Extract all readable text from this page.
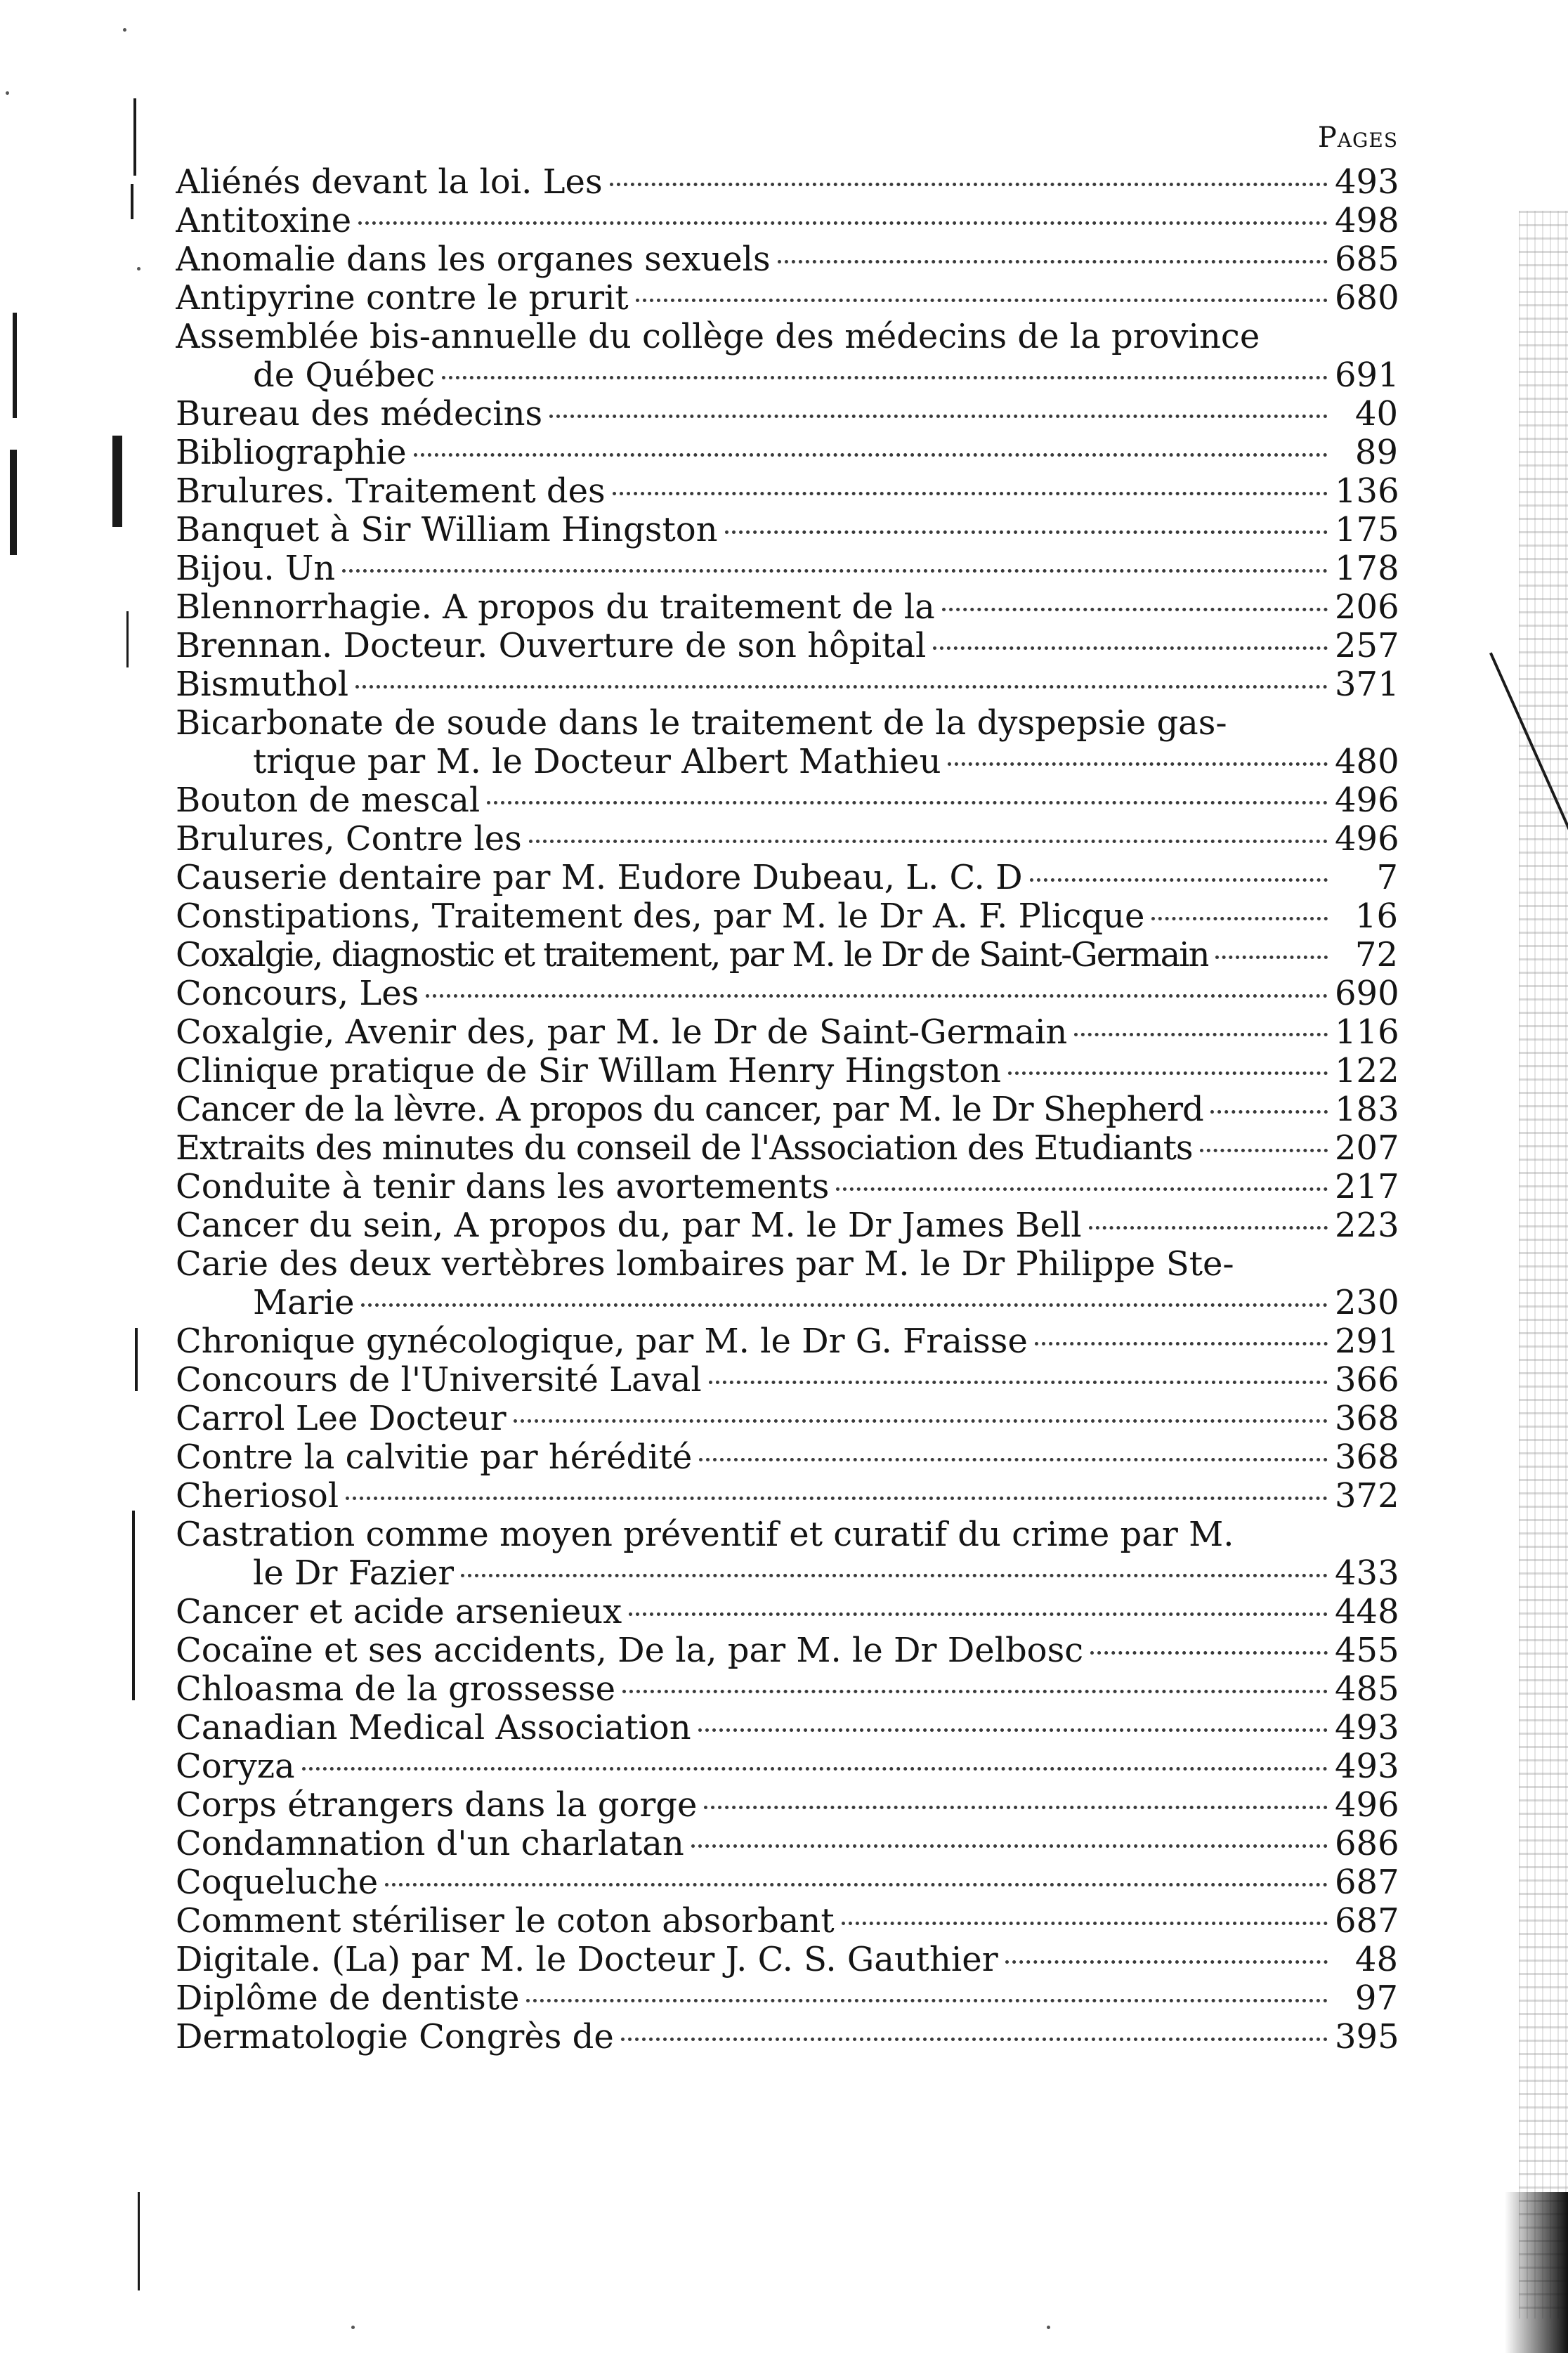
Pages
Aliénés devant la loi. Les	493
Antitoxine	498
Anomalie dans les organes sexuels	685
Antipyrine contre le prurit	680
Assemblée bis-annuelle du collège des médecins de la province
de Québec	691
Bureau des médecins	40
Bibliographie	89
Brulures. Traitement des	136
Banquet à Sir William Hingston	175
Bijou. Un	178
Blennorrhagie. A propos du traitement de la	206
Brennan. Docteur. Ouverture de son hôpital	257
Bismuthol	371
Bicarbonate de soude dans le traitement de la dyspepsie gas-
trique par M. le Docteur Albert Mathieu	480
Bouton de mescal	496
Brulures, Contre les	496
Causerie dentaire par M. Eudore Dubeau, L. C. D	7
Constipations, Traitement des, par M. le Dr A. F. Plicque	16
Coxalgie, diagnostic et traitement, par M. le Dr de Saint-Germain	72
Concours, Les	690
Coxalgie, Avenir des, par M. le Dr de Saint-Germain	116
Clinique pratique de Sir Willam Henry Hingston	122
Cancer de la lèvre. A propos du cancer, par M. le Dr Shepherd	183
Extraits des minutes du conseil de l'Association des Etudiants	207
Conduite à tenir dans les avortements	217
Cancer du sein, A propos du, par M. le Dr James Bell	223
Carie des deux vertèbres lombaires par M. le Dr Philippe Ste-
Marie	230
Chronique gynécologique, par M. le Dr G. Fraisse	291
Concours de l'Université Laval	366
Carrol Lee Docteur	368
Contre la calvitie par hérédité	368
Cheriosol	372
Castration comme moyen préventif et curatif du crime par M.
le Dr Fazier	433
Cancer et acide arsenieux	448
Cocaïne et ses accidents, De la, par M. le Dr Delbosc	455
Chloasma de la grossesse	485
Canadian Medical Association	493
Coryza	493
Corps étrangers dans la gorge	496
Condamnation d'un charlatan	686
Coqueluche	687
Comment stériliser le coton absorbant	687
Digitale. (La) par M. le Docteur J. C. S. Gauthier	48
Diplôme de dentiste	97
Dermatologie Congrès de	395
